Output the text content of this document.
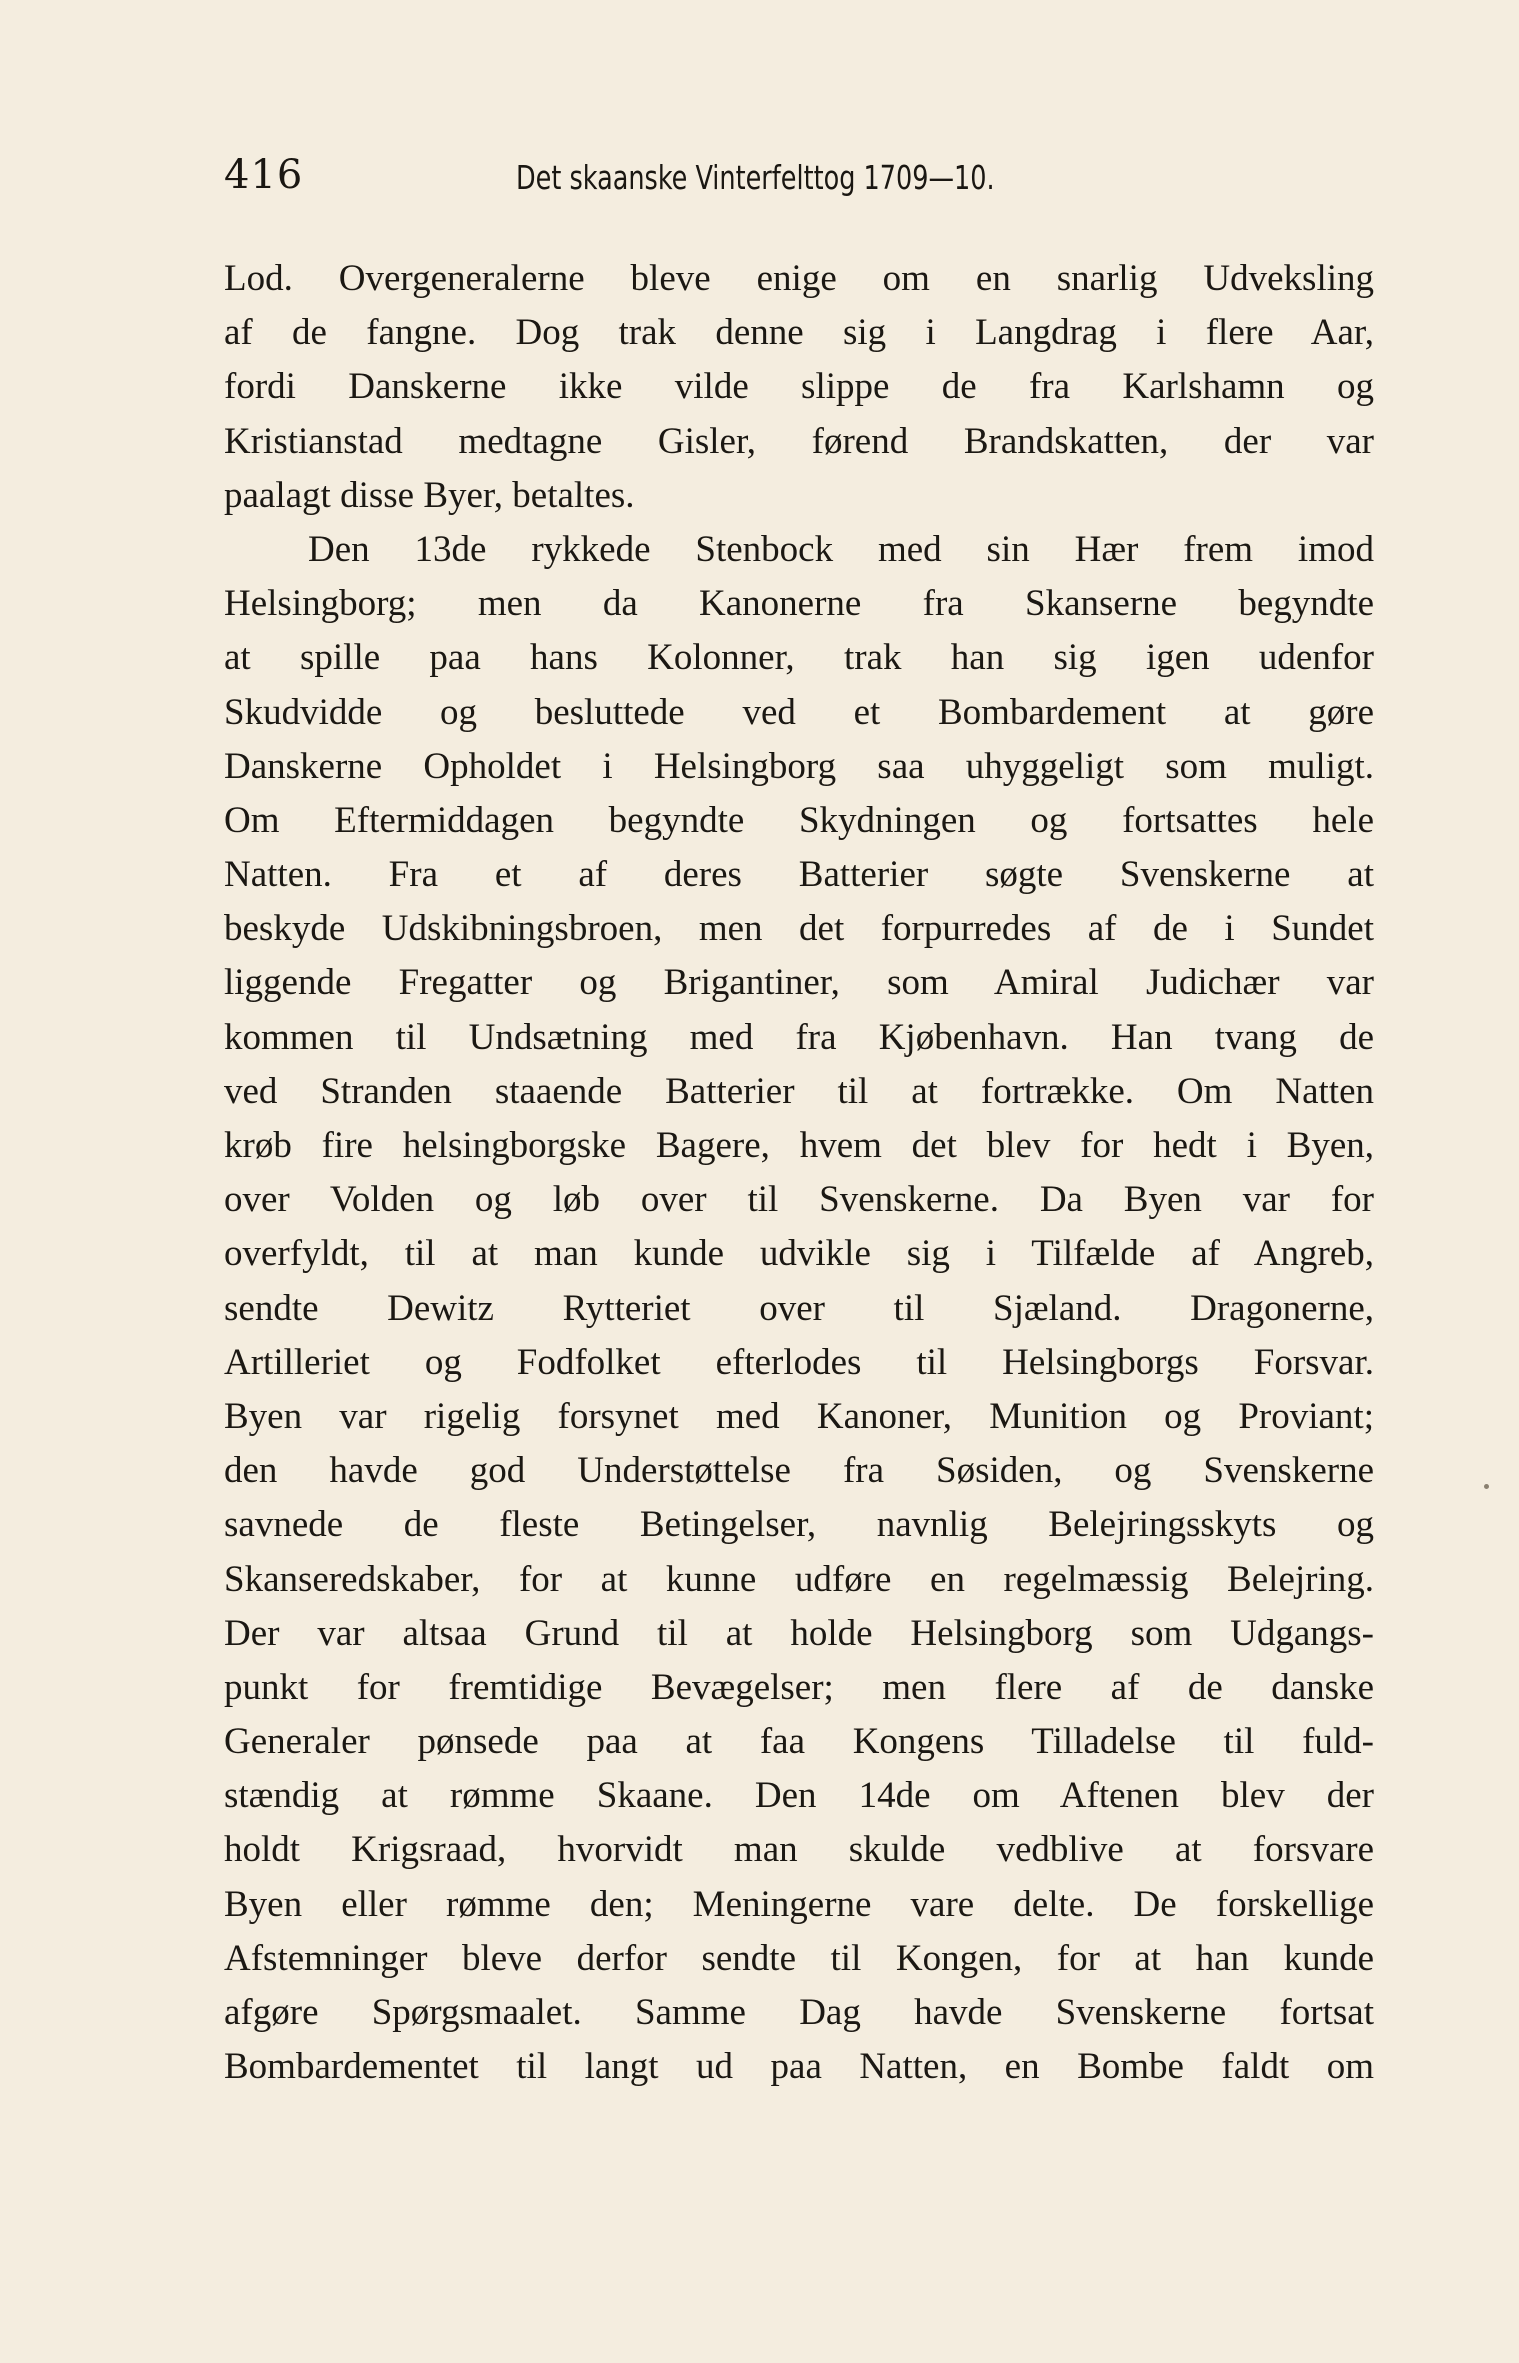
416	Det skaanske Vinterfelttog 1709—10.
Lod. Overgeneralerne bleve enige om en snarlig Udveksling
af de fangne. Dog trak denne sig i Langdrag i flere Aar,
fordi Danskerne ikke vilde slippe de fra Karlshamn og
Kristianstad medtagne Gisler, førend Brandskatten, der var
paalagt disse Byer, betaltes.
Den 13de rykkede Stenbock med sin Hær frem imod
Helsingborg; men da Kanonerne fra Skanserne begyndte
at spille paa hans Kolonner, trak han sig igen udenfor
Skudvidde og besluttede ved et Bombardement at gøre
Danskerne Opholdet i Helsingborg saa uhyggeligt som muligt.
Om Eftermiddagen begyndte Skydningen og fortsattes hele
Natten. Fra et af deres Batterier søgte Svenskerne at
beskyde Udskibningsbroen, men det forpurredes af de i Sundet
liggende Fregatter og Brigantiner, som Amiral Judichær var
kommen til Undsætning med fra Kjøbenhavn. Han tvang de
ved Stranden staaende Batterier til at fortrække. Om Natten
krøb fire helsingborgske Bagere, hvem det blev for hedt i Byen,
over Volden og løb over til Svenskerne. Da Byen var for
overfyldt, til at man kunde udvikle sig i Tilfælde af Angreb,
sendte Dewitz Rytteriet over til Sjæland. Dragonerne,
Artilleriet og Fodfolket efterlodes til Helsingborgs Forsvar.
Byen var rigelig forsynet med Kanoner, Munition og Proviant;
den havde god Understøttelse fra Søsiden, og Svenskerne
savnede de fleste Betingelser, navnlig Belejringsskyts og
Skanseredskaber, for at kunne udføre en regelmæssig Belejring.
Der var altsaa Grund til at holde Helsingborg som Udgangs-
punkt for fremtidige Bevægelser; men flere af de danske
Generaler pønsede paa at faa Kongens Tilladelse til fuld-
stændig at rømme Skaane. Den 14de om Aftenen blev der
holdt Krigsraad, hvorvidt man skulde vedblive at forsvare
Byen eller rømme den; Meningerne vare delte. De forskellige
Afstemninger bleve derfor sendte til Kongen, for at han kunde
afgøre Spørgsmaalet. Samme Dag havde Svenskerne fortsat
Bombardementet til langt ud paa Natten, en Bombe faldt om
